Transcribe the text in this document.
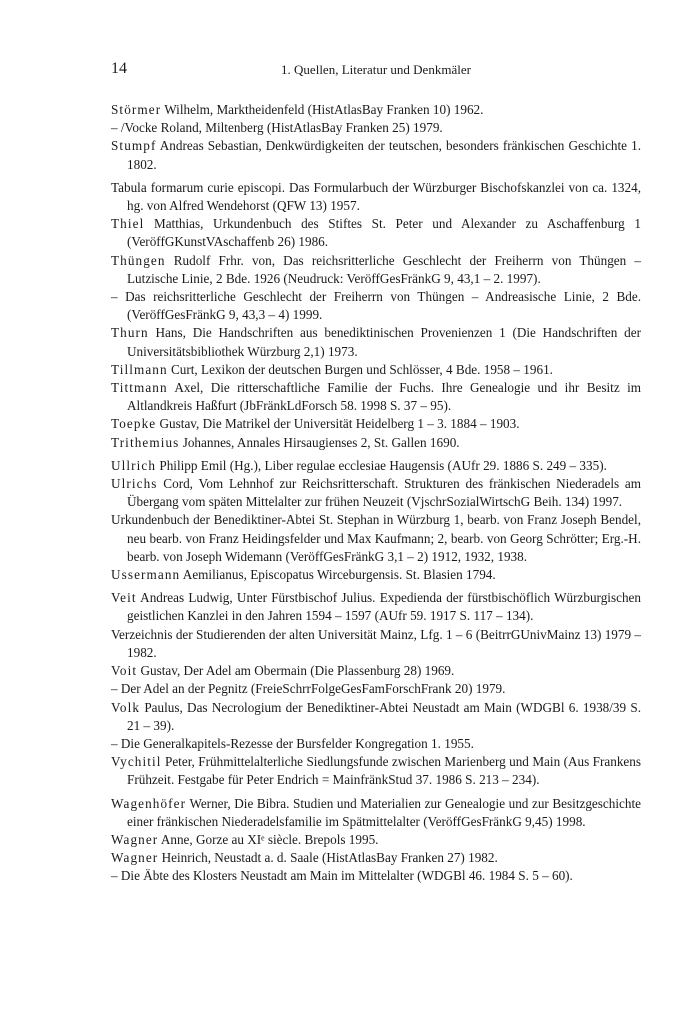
14	1. Quellen, Literatur und Denkmäler
Störmer Wilhelm, Marktheidenfeld (HistAtlasBay Franken 10) 1962.
– /Vocke Roland, Miltenberg (HistAtlasBay Franken 25) 1979.
Stumpf Andreas Sebastian, Denkwürdigkeiten der teutschen, besonders fränkischen Geschichte 1. 1802.
Tabula formarum curie episcopi. Das Formularbuch der Würzburger Bischofskanzlei von ca. 1324, hg. von Alfred Wendehorst (QFW 13) 1957.
Thiel Matthias, Urkundenbuch des Stiftes St. Peter und Alexander zu Aschaffenburg 1 (VeröffGKunstVAschaffenb 26) 1986.
Thüngen Rudolf Frhr. von, Das reichsritterliche Geschlecht der Freiherrn von Thüngen – Lutzische Linie, 2 Bde. 1926 (Neudruck: VeröffGesFränkG 9, 43,1 – 2. 1997).
– Das reichsritterliche Geschlecht der Freiherrn von Thüngen – Andreasische Linie, 2 Bde. (VeröffGesFränkG 9, 43,3 – 4) 1999.
Thurn Hans, Die Handschriften aus benediktinischen Provenienzen 1 (Die Handschriften der Universitätsbibliothek Würzburg 2,1) 1973.
Tillmann Curt, Lexikon der deutschen Burgen und Schlösser, 4 Bde. 1958 – 1961.
Tittmann Axel, Die ritterschaftliche Familie der Fuchs. Ihre Genealogie und ihr Besitz im Altlandkreis Haßfurt (JbFränkLdForsch 58. 1998 S. 37 – 95).
Toepke Gustav, Die Matrikel der Universität Heidelberg 1 – 3. 1884 – 1903.
Trithemius Johannes, Annales Hirsaugienses 2, St. Gallen 1690.
Ullrich Philipp Emil (Hg.), Liber regulae ecclesiae Haugensis (AUfr 29. 1886 S. 249 – 335).
Ulrichs Cord, Vom Lehnhof zur Reichsritterschaft. Strukturen des fränkischen Niederadels am Übergang vom späten Mittelalter zur frühen Neuzeit (VjschrSozialWirtschG Beih. 134) 1997.
Urkundenbuch der Benediktiner-Abtei St. Stephan in Würzburg 1, bearb. von Franz Joseph Bendel, neu bearb. von Franz Heidingsfelder und Max Kaufmann; 2, bearb. von Georg Schrötter; Erg.-H. bearb. von Joseph Widemann (VeröffGesFränkG 3,1 – 2) 1912, 1932, 1938.
Ussermann Aemilianus, Episcopatus Wirceburgensis. St. Blasien 1794.
Veit Andreas Ludwig, Unter Fürstbischof Julius. Expedienda der fürstbischöflich Würzburgischen geistlichen Kanzlei in den Jahren 1594 – 1597 (AUfr 59. 1917 S. 117 – 134).
Verzeichnis der Studierenden der alten Universität Mainz, Lfg. 1 – 6 (BeitrrGUnivMainz 13) 1979 – 1982.
Voit Gustav, Der Adel am Obermain (Die Plassenburg 28) 1969.
– Der Adel an der Pegnitz (FreieSchrrFolgeGesFamForschFrank 20) 1979.
Volk Paulus, Das Necrologium der Benediktiner-Abtei Neustadt am Main (WDGBl 6. 1938/39 S. 21 – 39).
– Die Generalkapitels-Rezesse der Bursfelder Kongregation 1. 1955.
Vychitil Peter, Frühmittelalterliche Siedlungsfunde zwischen Marienberg und Main (Aus Frankens Frühzeit. Festgabe für Peter Endrich = MainfränkStud 37. 1986 S. 213 – 234).
Wagenhöfer Werner, Die Bibra. Studien und Materialien zur Genealogie und zur Besitzgeschichte einer fränkischen Niederadelsfamilie im Spätmittelalter (VeröffGesFränkG 9,45) 1998.
Wagner Anne, Gorze au XIᵉ siècle. Brepols 1995.
Wagner Heinrich, Neustadt a. d. Saale (HistAtlasBay Franken 27) 1982.
– Die Äbte des Klosters Neustadt am Main im Mittelalter (WDGBl 46. 1984 S. 5 – 60).
